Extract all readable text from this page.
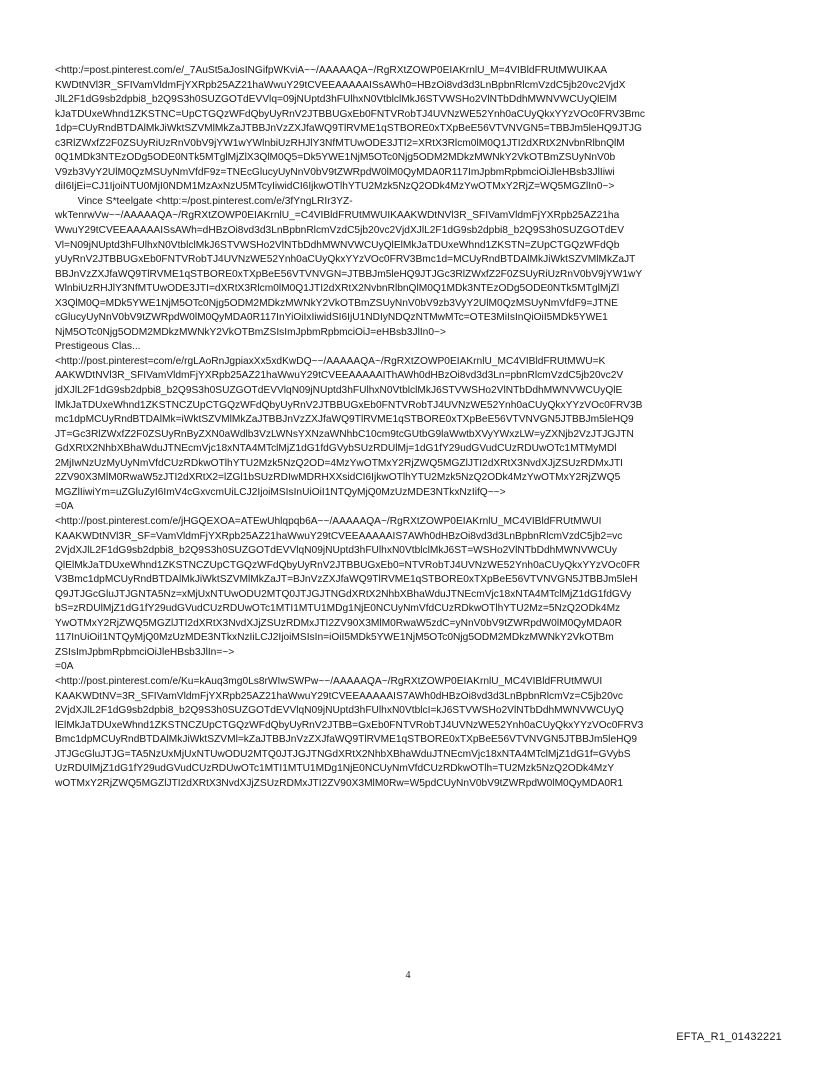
<http:/=post.pinterest.com/e/_7AuSt5aJosINGifpWKviA~~/AAAAAQA~/RgRXtZOWP0EIAKrnlU_M=4VIBldFRUtMWUIKAA
KWDtNVl3R_SFIVamVldmFjYXRpb25AZ21haWwuY29tCVEEAAAAAISsAWh0=HBzOi8vd3d3LnBpbnRlcmVzdC5jb20vc2VjdX
JlL2F1dG9sb2dpbi8_b2Q9S3h0SUZGOTdEVVlq=09jNUptd3hFUlhxN0VtblclMkJ6STVWSHo2VlNTbDdhMWNVWCUyQlElM
kJaTDUxeWhnd1ZKSTNC=UpCTGQzWFdQbyUyRnV2JTBBUGxEb0FNTVRobTJ4UVNzWE52Ynh0aCUyQkxYYzVOc0FRV3Bmc
1dp=CUyRndBTDAlMkJiWktSZVMlMkZaJTBBJnVzZXJfaWQ9TlRVME1qSTBORE0xTXpBeE56VTVNVGN5=TBBJm5leHQ9JTJG
c3RlZWxfZ2F0ZSUyRiUzRnV0bV9jYW1wYWlnbiUzRHJlY3NfMTUwODE3JTI2=XRtX3Rlcm0lM0Q1JTI2dXRtX2NvbnRlbnQlM
0Q1MDk3NTEzODg5ODE0NTk5MTglMjZlX3QlM0Q5=Dk5YWE1NjM5OTc0Njg5ODM2MDkzMWNkY2VkOTBmZSUyNnV0b
V9zb3VyY2UlM0QzMSUyNmVfdF9z=TNEcGlucyUyNnV0bV9tZWRpdW0lM0QyMDA0R117ImJpbmRpbmciOiJleHBsb3JlIiwi
diI6IjEi=CJ1IjoiNTU0MjI0NDM1MzAxNzU5MTcyIiwidCI6IjkwOTlhYTU2Mzk5NzQ2ODk4MzYwOTMxY2RjZ=WQ5MGZlIn0~>
Vince S*teelgate <http:=/post.pinterest.com/e/3fYngLRIr3YZ-
wkTenrwVw~~/AAAAAQA~/RgRXtZOWP0EIAKrnlU_=C4VIBldFRUtMWUIKAAKWDtNVl3R_SFIVamVldmFjYXRpb25AZ21ha
WwuY29tCVEEAAAAAISsAWh=dHBzOi8vd3d3LnBpbnRlcmVzdC5jb20vc2VjdXJlL2F1dG9sb2dpbi8_b2Q9S3h0SUZGOTdEV
Vl=N09jNUptd3hFUlhxN0VtblclMkJ6STVWSHo2VlNTbDdhMWNVWCUyQlElMkJaTDUxeWhnd1ZKSTN=ZUpCTGQzWFdQb
yUyRnV2JTBBUGxEb0FNTVRobTJ4UVNzWE52Ynh0aCUyQkxYYzVOc0FRV3Bmc1d=MCUyRndBTDAlMkJiWktSZVMlMkZaJT
BBJnVzZXJfaWQ9TlRVME1qSTBORE0xTXpBeE56VTVNVGN=JTBBJm5leHQ9JTJGc3RlZWxfZ2F0ZSUyRiUzRnV0bV9jYW1wY
WlnbiUzRHJlY3NfMTUwODE3JTI=dXRtX3Rlcm0lM0Q1JTI2dXRtX2NvbnRlbnQlM0Q1MDk3NTEzODg5ODE0NTk5MTglMjZl
X3QlM0Q=MDk5YWE1NjM5OTc0Njg5ODM2MDkzMWNkY2VkOTBmZSUyNnV0bV9zb3VyY2UlM0QzMSUyNmVfdF9=JTNE
cGlucyUyNnV0bV9tZWRpdW0lM0QyMDA0R117InYiOiIxIiwidSI6IjU1NDIyNDQzNTMwMTc=OTE3MiIsInQiOiI5MDk5YWE1
NjM5OTc0Njg5ODM2MDkzMWNkY2VkOTBmZSIsImJpbmRpbmciOiJ=eHBsb3JlIn0~>
Prestigeous Clas...
<http://post.pinterest=com/e/rgLAoRnJgpiaxXx5xdKwDQ~~/AAAAAQA~/RgRXtZOWP0EIAKrnlU_MC4VIBldFRUtMWU=K
AAKWDtNVl3R_SFIVamVldmFjYXRpb25AZ21haWwuY29tCVEEAAAAAIThAWh0dHBzOi8vd3d3Ln=pbnRlcmVzdC5jb20vc2V
jdXJlL2F1dG9sb2dpbi8_b2Q9S3h0SUZGOTdEVVlqN09jNUptd3hFUlhxN0VtblclMkJ6STVWSHo2VlNTbDdhMWNVWCUyQlE
lMkJaTDUxeWhnd1ZKSTNCZUpCTGQzWFdQbyUyRnV2JTBBUGxEb0FNTVRobTJ4UVNzWE52Ynh0aCUyQkxYYzVOc0FRV3B
mc1dpMCUyRndBTDAlMk=iWktSZVMlMkZaJTBBJnVzZXJfaWQ9TlRVME1qSTBORE0xTXpBeE56VTVNVGN5JTBBJm5leHQ9
JT=Gc3RlZWxfZ2F0ZSUyRnByZXN0aWdlb3VzLWNsYXNzaWNhbC10cm9tcGUtbG9laWwtbXVyYWxzLW=yZXNjb2VzJTJGJTN
GdXRtX2NhbXBhaWduJTNEcmVjc18xNTA4MTclMjZ1dG1fdGVybSUzRDUlMj=1dG1fY29udGVudCUzRDUwOTc1MTMyMDl
2MjIwNzUzMyUyNmVfdCUzRDkwOTlhYTU2Mzk5NzQ2OD=4MzYwOTMxY2RjZWQ5MGZlJTI2dXRtX3NvdXJjZSUzRDMxJTI
2ZV90X3MlM0RwaW5zJTI2dXRtX2=lZGl1bSUzRDIwMDRHXXsidCI6IjkwOTlhYTU2Mzk5NzQ2ODk4MzYwOTMxY2RjZWQ5
MGZlIiwiYm=uZGluZyI6ImV4cGxvcmUiLCJ2IjoiMSIsInUiOiI1NTQyMjQ0MzUzMDE3NTkxNzIifQ~~>
=0A
<http://post.pinterest.com/e/jHGQEXOA=ATEwUhlqpqb6A~~/AAAAAQA~/RgRXtZOWP0EIAKrnlU_MC4VIBldFRUtMWUI
KAAKWDtNVl3R_SF=VamVldmFjYXRpb25AZ21haWwuY29tCVEEAAAAAIS7AWh0dHBzOi8vd3d3LnBpbnRlcmVzdC5jb2=vc
2VjdXJlL2F1dG9sb2dpbi8_b2Q9S3h0SUZGOTdEVVlqN09jNUptd3hFUlhxN0VtblclMkJ6ST=WSHo2VlNTbDdhMWNVWCUy
QlElMkJaTDUxeWhnd1ZKSTNCZUpCTGQzWFdQbyUyRnV2JTBBUGxEb0=NTVRobTJ4UVNzWE52Ynh0aCUyQkxYYzVOc0FR
V3Bmc1dpMCUyRndBTDAlMkJiWktSZVMlMkZaJT=BJnVzZXJfaWQ9TlRVME1qSTBORE0xTXpBeE56VTVNVGN5JTBBJm5leH
Q9JTJGcGluJTJGNTA5Nz=xMjUxNTUwODU2MTQ0JTJGJTNGdXRtX2NhbXBhaWduJTNEcmVjc18xNTA4MTclMjZ1dG1fdGVy
bS=zRDUlMjZ1dG1fY29udGVudCUzRDUwOTc1MTI1MTU1MDg1NjE0NCUyNmVfdCUzRDkwOTlhYTU2Mz=5NzQ2ODk4Mz
YwOTMxY2RjZWQ5MGZlJTI2dXRtX3NvdXJjZSUzRDMxJTI2ZV90X3MlM0RwaW5zdC=yNnV0bV9tZWRpdW0lM0QyMDA0R
117InUiOiI1NTQyMjQ0MzUzMDE3NTkxNzIiLCJ2IjoiMSIsIn=iOiI5MDk5YWE1NjM5OTc0Njg5ODM2MDkzMWNkY2VkOTBm
ZSIsImJpbmRpbmciOiJleHBsb3JlIn=~>
=0A
<http://post.pinterest.com/e/Ku=kAuq3mg0Ls8rWIwSWPw~~/AAAAAQA~/RgRXtZOWP0EIAKrnlU_MC4VIBldFRUtMWUI
KAAKWDtNV=3R_SFIVamVldmFjYXRpb25AZ21haWwuY29tCVEEAAAAAIS7AWh0dHBzOi8vd3d3LnBpbnRlcmVz=C5jb20vc
2VjdXJlL2F1dG9sb2dpbi8_b2Q9S3h0SUZGOTdEVVlqN09jNUptd3hFUlhxN0VtblcI=kJ6STVWSHo2VlNTbDdhMWNVWCUyQ
lElMkJaTDUxeWhnd1ZKSTNCZUpCTGQzWFdQbyUyRnV2JTBB=GxEb0FNTVRobTJ4UVNzWE52Ynh0aCUyQkxYYzVOc0FRV3
Bmc1dpMCUyRndBTDAlMkJiWktSZVMl=kZaJTBBJnVzZXJfaWQ9TlRVME1qSTBORE0xTXpBeE56VTVNVGN5JTBBJm5leHQ9
JTJGcGluJTJG=TA5NzUxMjUxNTUwODU2MTQ0JTJGJTNGdXRtX2NhbXBhaWduJTNEcmVjc18xNTA4MTclMjZ1dG1f=GVybS
UzRDUlMjZ1dG1fY29udGVudCUzRDUwOTc1MTI1MTU1MDg1NjE0NCUyNmVfdCUzRDkwOTlh=TU2Mzk5NzQ2ODk4MzY
wOTMxY2RjZWQ5MGZlJTI2dXRtX3NvdXJjZSUzRDMxJTI2ZV90X3MlM0Rw=W5pdCUyNnV0bV9tZWRpdW0lM0QyMDA0R1
4
EFTA_R1_01432221
